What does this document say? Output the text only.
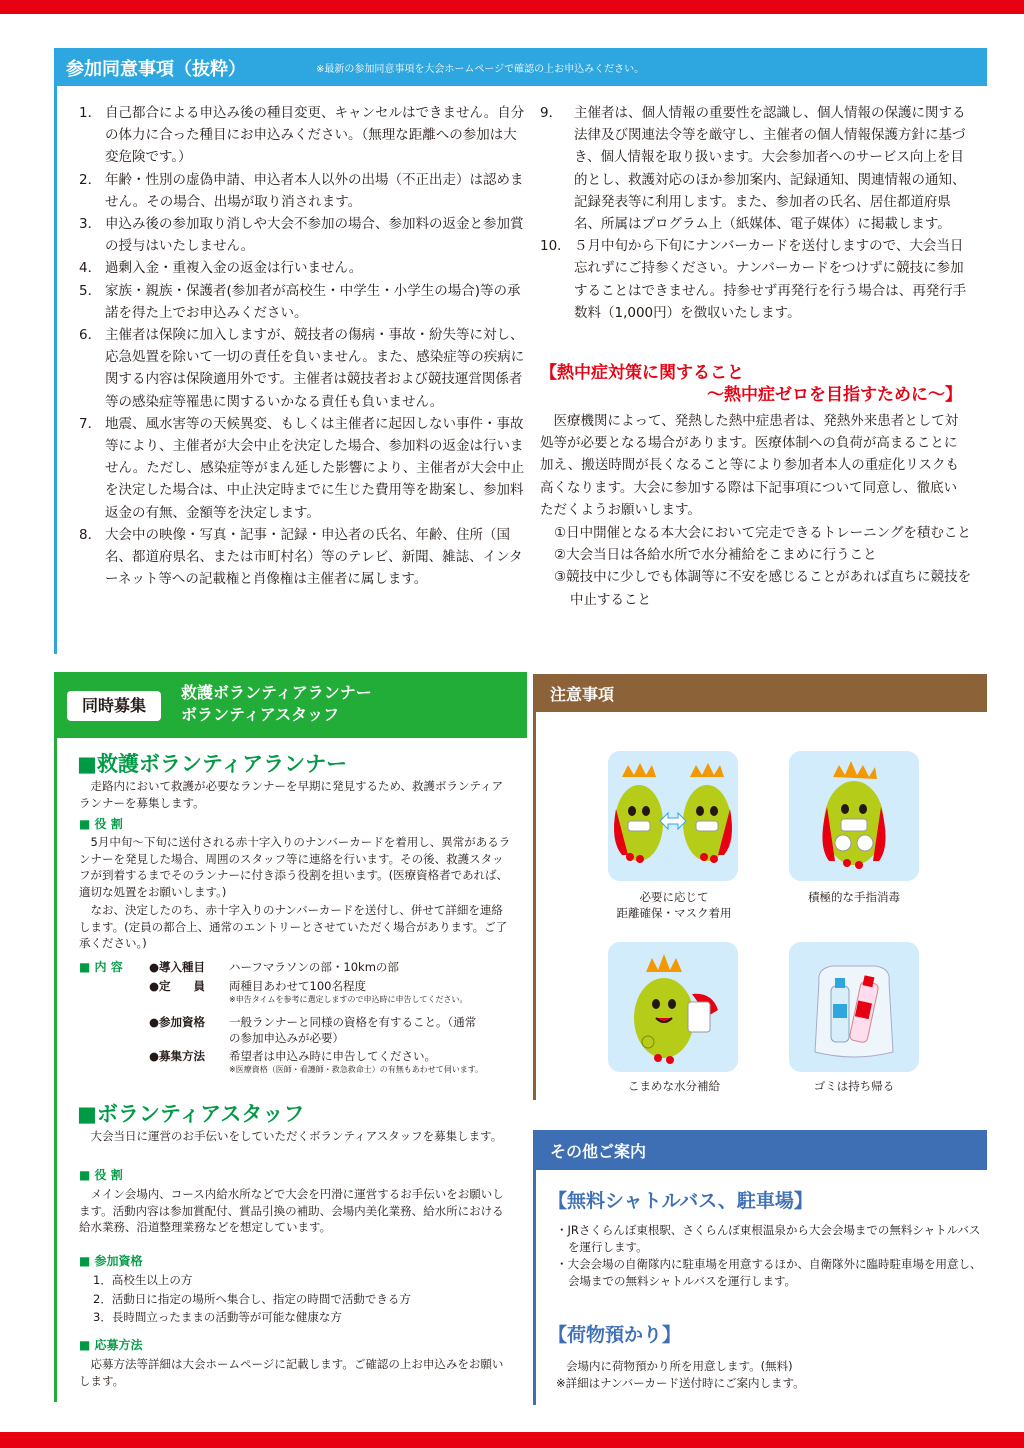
参加同意事項（抜粋）	※最新の参加同意事項を大会ホームページで確認の上お申込みください。
1． 自己都合による申込み後の種目変更、キャンセルはできません。自分の体力に合った種目にお申込みください。（無理な距離への参加は大変危険です。）
2． 年齢・性別の虚偽申請、申込者本人以外の出場（不正出走）は認めません。その場合、出場が取り消されます。
3． 申込み後の参加取り消しや大会不参加の場合、参加料の返金と参加賞の授与はいたしません。
4． 過剰入金・重複入金の返金は行いません。
5． 家族・親族・保護者(参加者が高校生・中学生・小学生の場合)等の承諾を得た上でお申込みください。
6． 主催者は保険に加入しますが、競技者の傷病・事故・紛失等に対し、応急処置を除いて一切の責任を負いません。また、感染症等の疾病に関する内容は保険適用外です。主催者は競技者および競技運営関係者等の感染症等罹患に関するいかなる責任も負いません。
7． 地震、風水害等の天候異変、もしくは主催者に起因しない事件・事故等により、主催者が大会中止を決定した場合、参加料の返金は行いません。ただし、感染症等がまん延した影響により、主催者が大会中止を決定した場合は、中止決定時までに生じた費用等を勘案し、参加料返金の有無、金額等を決定します。
8． 大会中の映像・写真・記事・記録・申込者の氏名、年齢、住所（国名、都道府県名、または市町村名）等のテレビ、新聞、雑誌、インターネット等への記載権と肖像権は主催者に属します。
9． 主催者は、個人情報の重要性を認識し、個人情報の保護に関する法律及び関連法令等を厳守し、主催者の個人情報保護方針に基づき、個人情報を取り扱います。大会参加者へのサービス向上を目的とし、救護対応のほか参加案内、記録通知、関連情報の通知、記録発表等に利用します。また、参加者の氏名、居住都道府県名、所属はプログラム上（紙媒体、電子媒体）に掲載します。
10． ５月中旬から下旬にナンバーカードを送付しますので、大会当日忘れずにご持参ください。ナンバーカードをつけずに競技に参加することはできません。持参せず再発行を行う場合は、再発行手数料（1,000円）を徴収いたします。
【熱中症対策に関すること
〜熱中症ゼロを目指すために〜】
医療機関によって、発熱した熱中症患者は、発熱外来患者として対処等が必要となる場合があります。医療体制への負荷が高まることに加え、搬送時間が長くなること等により参加者本人の重症化リスクも高くなります。大会に参加する際は下記事項について同意し、徹底いただくようお願いします。
①日中開催となる本大会において完走できるトレーニングを積むこと
②大会当日は各給水所で水分補給をこまめに行うこと
③競技中に少しでも体調等に不安を感じることがあれば直ちに競技を中止すること
同時募集
救護ボランティアランナー
ボランティアスタッフ
■救護ボランティアランナー
走路内において救護が必要なランナーを早期に発見するため、救護ボランティアランナーを募集します。
■ 役 割
5月中旬〜下旬に送付される赤十字入りのナンバーカードを着用し、異常があるランナーを発見した場合、周囲のスタッフ等に連絡を行います。その後、救護スタッフが到着するまでそのランナーに付き添う役割を担います。(医療資格者であれば、適切な処置をお願いします。)
なお、決定したのち、赤十字入りのナンバーカードを送付し、併せて詳細を連絡します。(定員の都合上、通常のエントリーとさせていただく場合があります。ご了承ください。)
■ 内 容 ●導入種目	ハーフマラソンの部・10kmの部
●定　　員	両種目あわせて100名程度
※申告タイムを参考に選定しますので申込時に申告してください。
●参加資格	一般ランナーと同様の資格を有すること。（通常の参加申込みが必要）
●募集方法	希望者は申込み時に申告してください。
※医療資格（医師・看護師・救急救命士）の有無もあわせて伺います。
■ボランティアスタッフ
大会当日に運営のお手伝いをしていただくボランティアスタッフを募集します。
■ 役 割
メイン会場内、コース内給水所などで大会を円滑に運営するお手伝いをお願いします。活動内容は参加賞配付、賞品引換の補助、会場内美化業務、給水所における給水業務、沿道整理業務などを想定しています。
■ 参加資格
1．高校生以上の方
2．活動日に指定の場所へ集合し、指定の時間で活動できる方
3．長時間立ったままの活動等が可能な健康な方
■ 応募方法
応募方法等詳細は大会ホームページに記載します。ご確認の上お申込みをお願いします。
注意事項
必要に応じて
距離確保・マスク着用
積極的な手指消毒
こまめな水分補給	ゴミは持ち帰る
その他ご案内
【無料シャトルバス、駐車場】
・JRさくらんぼ東根駅、さくらんぼ東根温泉から大会会場までの無料シャトルバスを運行します。
・大会会場の自衛隊内に駐車場を用意するほか、自衛隊外に臨時駐車場を用意し、会場までの無料シャトルバスを運行します。
【荷物預かり】
会場内に荷物預かり所を用意します。(無料)
※詳細はナンバーカード送付時にご案内します。
